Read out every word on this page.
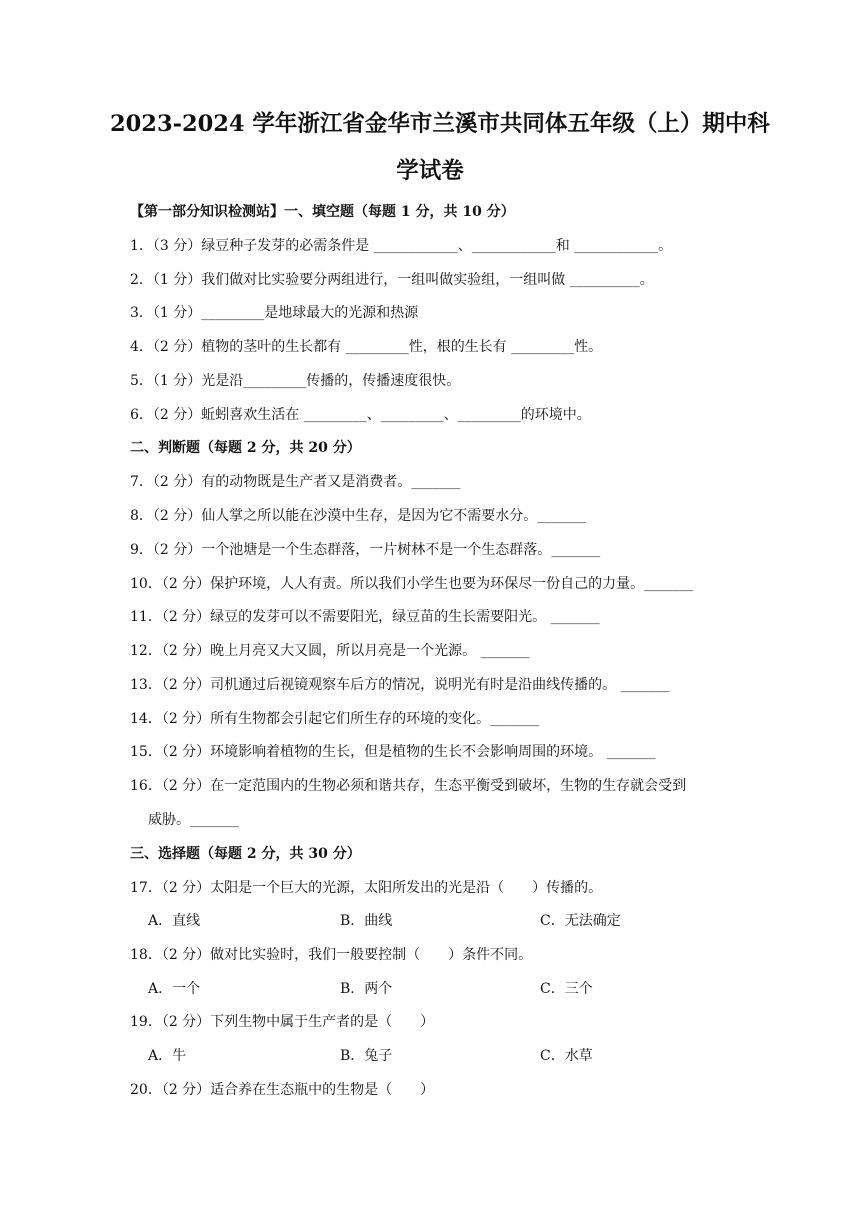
2023-2024 学年浙江省金华市兰溪市共同体五年级（上）期中科
学试卷
【第一部分知识检测站】一、填空题（每题 1 分，共 10 分）
1．（3 分）绿豆种子发芽的必需条件是 ____________、____________和 ____________。
2．（1 分）我们做对比实验要分两组进行，一组叫做实验组，一组叫做 __________。
3．（1 分）_________是地球最大的光源和热源
4．（2 分）植物的茎叶的生长都有 _________性，根的生长有 _________性。
5．（1 分）光是沿_________传播的，传播速度很快。
6．（2 分）蚯蚓喜欢生活在 _________、_________、_________的环境中。
二、判断题（每题 2 分，共 20 分）
7．（2 分）有的动物既是生产者又是消费者。_______
8．（2 分）仙人掌之所以能在沙漠中生存，是因为它不需要水分。_______
9．（2 分）一个池塘是一个生态群落，一片树林不是一个生态群落。_______
10．（2 分）保护环境，人人有责。所以我们小学生也要为环保尽一份自己的力量。_______
11．（2 分）绿豆的发芽可以不需要阳光，绿豆苗的生长需要阳光。 _______
12．（2 分）晚上月亮又大又圆，所以月亮是一个光源。 _______
13．（2 分）司机通过后视镜观察车后方的情况，说明光有时是沿曲线传播的。 _______
14．（2 分）所有生物都会引起它们所生存的环境的变化。_______
15．（2 分）环境影响着植物的生长，但是植物的生长不会影响周围的环境。 _______
16．（2 分）在一定范围内的生物必须和谐共存，生态平衡受到破坏，生物的生存就会受到
威胁。_______
三、选择题（每题 2 分，共 30 分）
17．（2 分）太阳是一个巨大的光源，太阳所发出的光是沿（　　）传播的。
A．直线	B．曲线	C．无法确定
18．（2 分）做对比实验时，我们一般要控制（　　）条件不同。
A．一个	B．两个	C．三个
19．（2 分）下列生物中属于生产者的是（　　）
A．牛	B．兔子	C．水草
20．（2 分）适合养在生态瓶中的生物是（　　）
